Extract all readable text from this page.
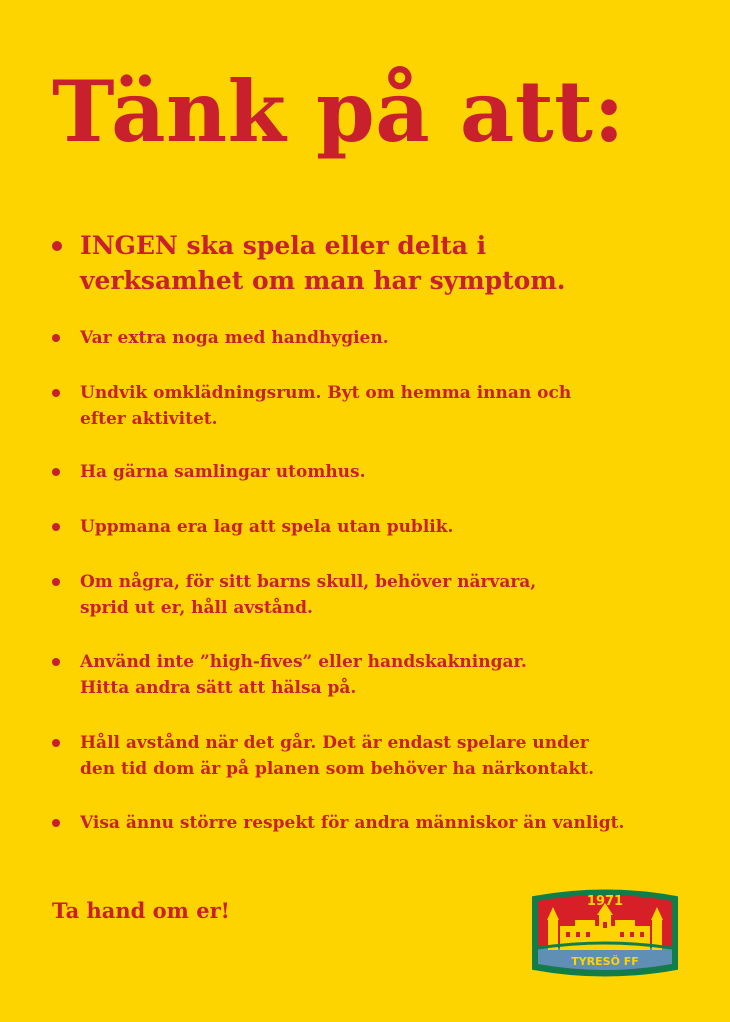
Tänk på att:
INGEN ska spela eller delta i
verksamhet om man har symptom.
Var extra noga med handhygien.
Undvik omklädningsrum. Byt om hemma innan och
efter aktivitet.
Ha gärna samlingar utomhus.
Uppmana era lag att spela utan publik.
Om några, för sitt barns skull, behöver närvara,
sprid ut er, håll avstånd.
Använd inte ”high-fives” eller handskakningar.
Hitta andra sätt att hälsa på.
Håll avstånd när det går. Det är endast spelare under
den tid dom är på planen som behöver ha närkontakt.
Visa ännu större respekt för andra människor än vanligt.
Ta hand om er!	1971
TYRESÖ FF
